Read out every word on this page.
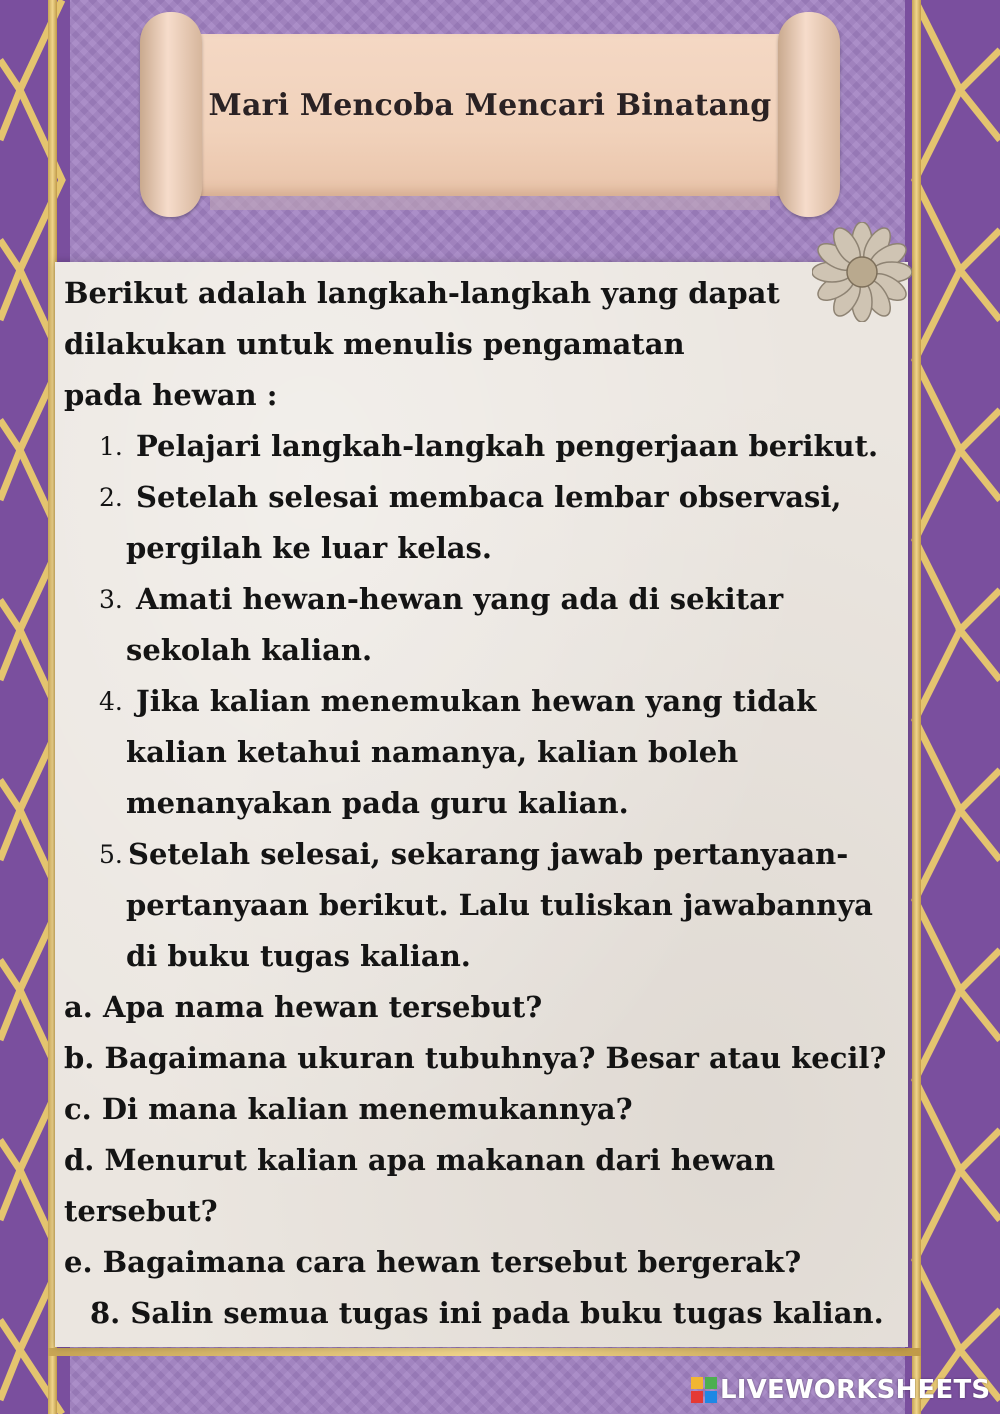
Mari Mencoba Mencari Binatang

Berikut adalah langkah-langkah yang dapat
dilakukan untuk menulis pengamatan
pada hewan :

1. Pelajari langkah-langkah pengerjaan berikut.
2. Setelah selesai membaca lembar observasi,
pergilah ke luar kelas.
3. Amati hewan-hewan yang ada di sekitar
sekolah kalian.
4. Jika kalian menemukan hewan yang tidak
kalian ketahui namanya, kalian boleh
menanyakan pada guru kalian.
5. Setelah selesai, sekarang jawab pertanyaan-
pertanyaan berikut. Lalu tuliskan jawabannya
di buku tugas kalian.

a. Apa nama hewan tersebut?

b. Bagaimana ukuran tubuhnya? Besar atau kecil?

c. Di mana kalian menemukannya?

d. Menurut kalian apa makanan dari hewan

tersebut?

e. Bagaimana cara hewan tersebut bergerak?

8. Salin semua tugas ini pada buku tugas kalian.

LIVEWORKSHEETS
